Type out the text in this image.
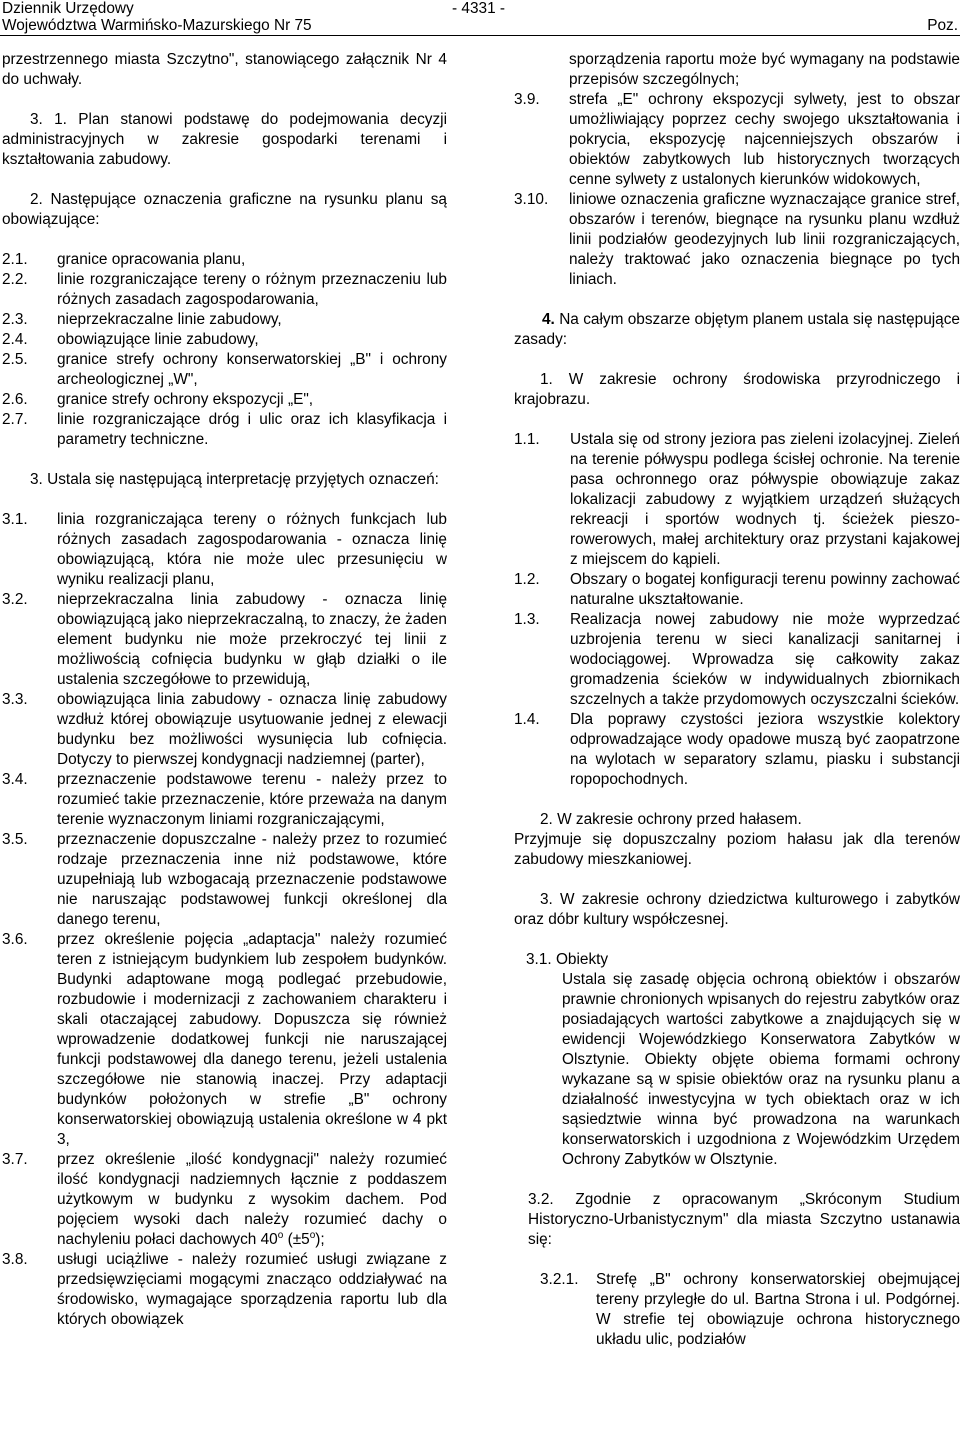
Dziennik Urzędowy
Województwa Warmińsko-Mazurskiego Nr 75
- 4331 -
Poz.

przestrzennego miasta Szczytno", stanowiącego załącznik Nr 4 do uchwały.

3. 1. Plan stanowi podstawę do podejmowania decyzji administracyjnych w zakresie gospodarki terenami i kształtowania zabudowy.

2. Następujące oznaczenia graficzne na rysunku planu są obowiązujące:

2.1.	granice opracowania planu,
2.2.	linie rozgraniczające tereny o różnym przeznaczeniu lub różnych zasadach zagospodarowania,
2.3.	nieprzekraczalne linie zabudowy,
2.4.	obowiązujące linie zabudowy,
2.5.	granice strefy ochrony konserwatorskiej „B" i ochrony archeologicznej „W",
2.6.	granice strefy ochrony ekspozycji „E",
2.7.	linie rozgraniczające dróg i ulic oraz ich klasyfikacja i parametry techniczne.

3. Ustala się następującą interpretację przyjętych oznaczeń:

3.1.	linia rozgraniczająca tereny o różnych funkcjach lub różnych zasadach zagospodarowania - oznacza linię obowiązującą, która nie może ulec przesunięciu w wyniku realizacji planu,
3.2.	nieprzekraczalna linia zabudowy - oznacza linię obowiązującą jako nieprzekraczalną, to znaczy, że żaden element budynku nie może przekroczyć tej linii z możliwością cofnięcia budynku w głąb działki o ile ustalenia szczegółowe to przewidują,
3.3.	obowiązująca linia zabudowy - oznacza linię zabudowy wzdłuż której obowiązuje usytuowanie jednej z elewacji budynku bez możliwości wysunięcia lub cofnięcia. Dotyczy to pierwszej kondygnacji nadziemnej (parter),
3.4.	przeznaczenie podstawowe terenu - należy przez to rozumieć takie przeznaczenie, które przeważa na danym terenie wyznaczonym liniami rozgraniczającymi,
3.5.	przeznaczenie dopuszczalne - należy przez to rozumieć rodzaje przeznaczenia inne niż podstawowe, które uzupełniają lub wzbogacają przeznaczenie podstawowe nie naruszając podstawowej funkcji określonej dla danego terenu,
3.6.	przez określenie pojęcia „adaptacja" należy rozumieć teren z istniejącym budynkiem lub zespołem budynków. Budynki adaptowane mogą podlegać przebudowie, rozbudowie i modernizacji z zachowaniem charakteru i skali otaczającej zabudowy. Dopuszcza się również wprowadzenie dodatkowej funkcji nie naruszającej funkcji podstawowej dla danego terenu, jeżeli ustalenia szczegółowe nie stanowią inaczej. Przy adaptacji budynków położonych w strefie „B" ochrony konserwatorskiej obowiązują ustalenia określone w 4 pkt 3,
3.7.	przez określenie „ilość kondygnacji" należy rozumieć ilość kondygnacji nadziemnych łącznie z poddaszem użytkowym w budynku z wysokim dachem. Pod pojęciem wysoki dach należy rozumieć dachy o nachyleniu połaci dachowych 40$^o$ $(\pm 5^o)$;
3.8.	usługi uciążliwe - należy rozumieć usługi związane z przedsięwzięciami mogącymi znacząco oddziaływać na środowisko, wymagające sporządzenia raportu lub dla których obowiązek
sporządzenia raportu może być wymagany na podstawie przepisów szczególnych;
3.9.	strefa „E" ochrony ekspozycji sylwety, jest to obszar umożliwiający poprzez cechy swojego ukształtowania i pokrycia, ekspozycję najcenniejszych obszarów i obiektów zabytkowych lub historycznych tworzących cenne sylwety z ustalonych kierunków widokowych,
3.10.	liniowe oznaczenia graficzne wyznaczające granice stref, obszarów i terenów, biegnące na rysunku planu wzdłuż linii podziałów geodezyjnych lub linii rozgraniczających, należy traktować jako oznaczenia biegnące po tych liniach.

4. Na całym obszarze objętym planem ustala się następujące zasady:

1. W zakresie ochrony środowiska przyrodniczego i krajobrazu.

1.1.	Ustala się od strony jeziora pas zieleni izolacyjnej. Zieleń na terenie półwyspu podlega ścisłej ochronie. Na terenie pasa ochronnego oraz półwyspie obowiązuje zakaz lokalizacji zabudowy z wyjątkiem urządzeń służących rekreacji i sportów wodnych tj. ścieżek pieszo-rowerowych, małej architektury oraz przystani kajakowej z miejscem do kąpieli.
1.2.	Obszary o bogatej konfiguracji terenu powinny zachować naturalne ukształtowanie.
1.3.	Realizacja nowej zabudowy nie może wyprzedzać uzbrojenia terenu w sieci kanalizacji sanitarnej i wodociągowej. Wprowadza się całkowity zakaz gromadzenia ścieków w indywidualnych zbiornikach szczelnych a także przydomowych oczyszczalni ścieków.
1.4.	Dla poprawy czystości jeziora wszystkie kolektory odprowadzające wody opadowe muszą być zaopatrzone na wylotach w separatory szlamu, piasku i substancji ropopochodnych.

2. W zakresie ochrony przed hałasem.

Przyjmuje się dopuszczalny poziom hałasu jak dla terenów zabudowy mieszkaniowej.

3. W zakresie ochrony dziedzictwa kulturowego i zabytków oraz dóbr kultury współczesnej.

3.1. Obiekty

Ustala się zasadę objęcia ochroną obiektów i obszarów prawnie chronionych wpisanych do rejestru zabytków oraz posiadających wartości zabytkowe a znajdujących się w ewidencji Wojewódzkiego Konserwatora Zabytków w Olsztynie. Obiekty objęte obiema formami ochrony wykazane są w spisie obiektów oraz na rysunku planu a działalność inwestycyjna w tych obiektach oraz w ich sąsiedztwie winna być prowadzona na warunkach konserwatorskich i uzgodniona z Wojewódzkim Urzędem Ochrony Zabytków w Olsztynie.

3.2. Zgodnie z opracowanym „Skróconym Studium Historyczno-Urbanistycznym" dla miasta Szczytno ustanawia się:

3.2.1.	Strefę „B" ochrony konserwatorskiej obejmującej tereny przyległe do ul. Bartna Strona i ul. Podgórnej. W strefie tej obowiązuje ochrona historycznego układu ulic, podziałów
